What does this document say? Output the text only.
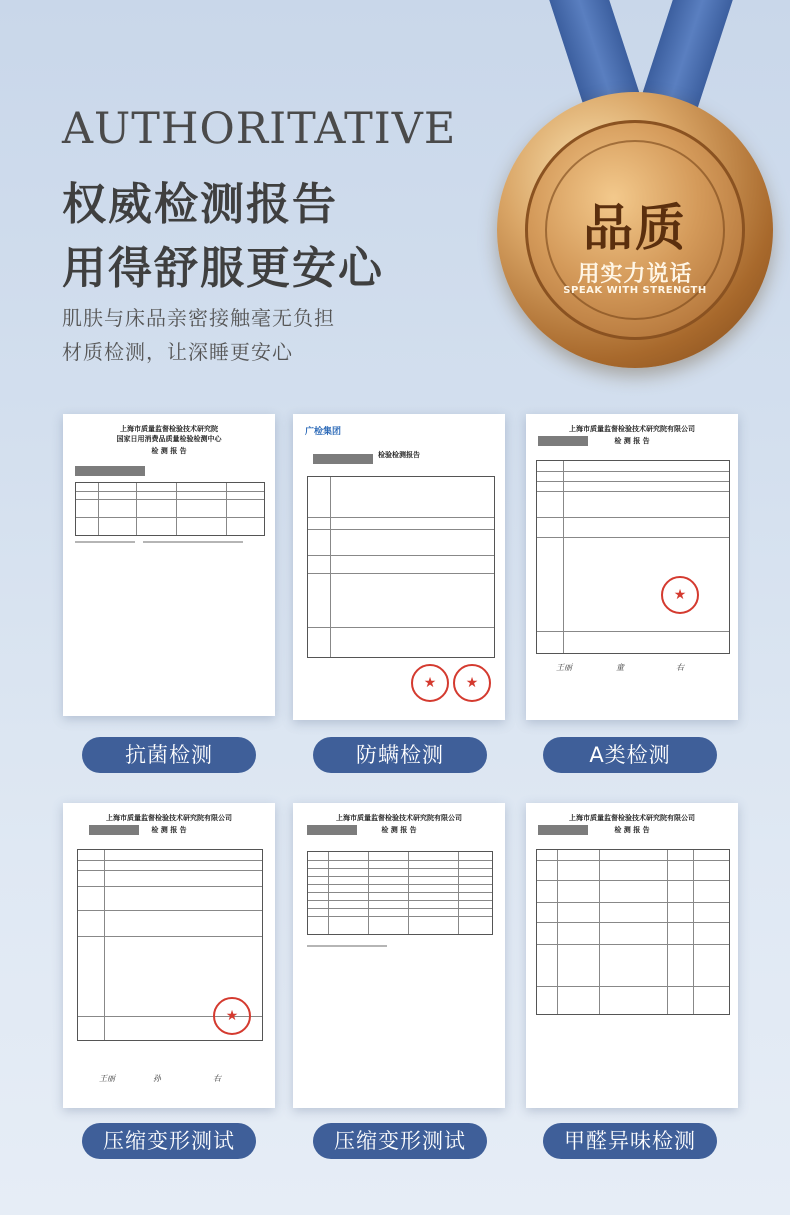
AUTHORITATIVE
权威检测报告
用得舒服更安心
肌肤与床品亲密接触毫无负担
材质检测，让深睡更安心
品质
用实力说话
SPEAK WITH STRENGTH
上海市质量监督检验技术研究院
国家日用消费品质量检验检测中心
检 测 报 告
广检集团
检验检测报告
★
★
上海市质量监督检验技术研究院有限公司
检 测 报 告
★
王丽	童	右
抗菌检测	防螨检测	A类检测
上海市质量监督检验技术研究院有限公司
检 测 报 告
★
王丽	孙	右
上海市质量监督检验技术研究院有限公司
检 测 报 告
上海市质量监督检验技术研究院有限公司
检 测 报 告
压缩变形测试	压缩变形测试	甲醛异味检测
